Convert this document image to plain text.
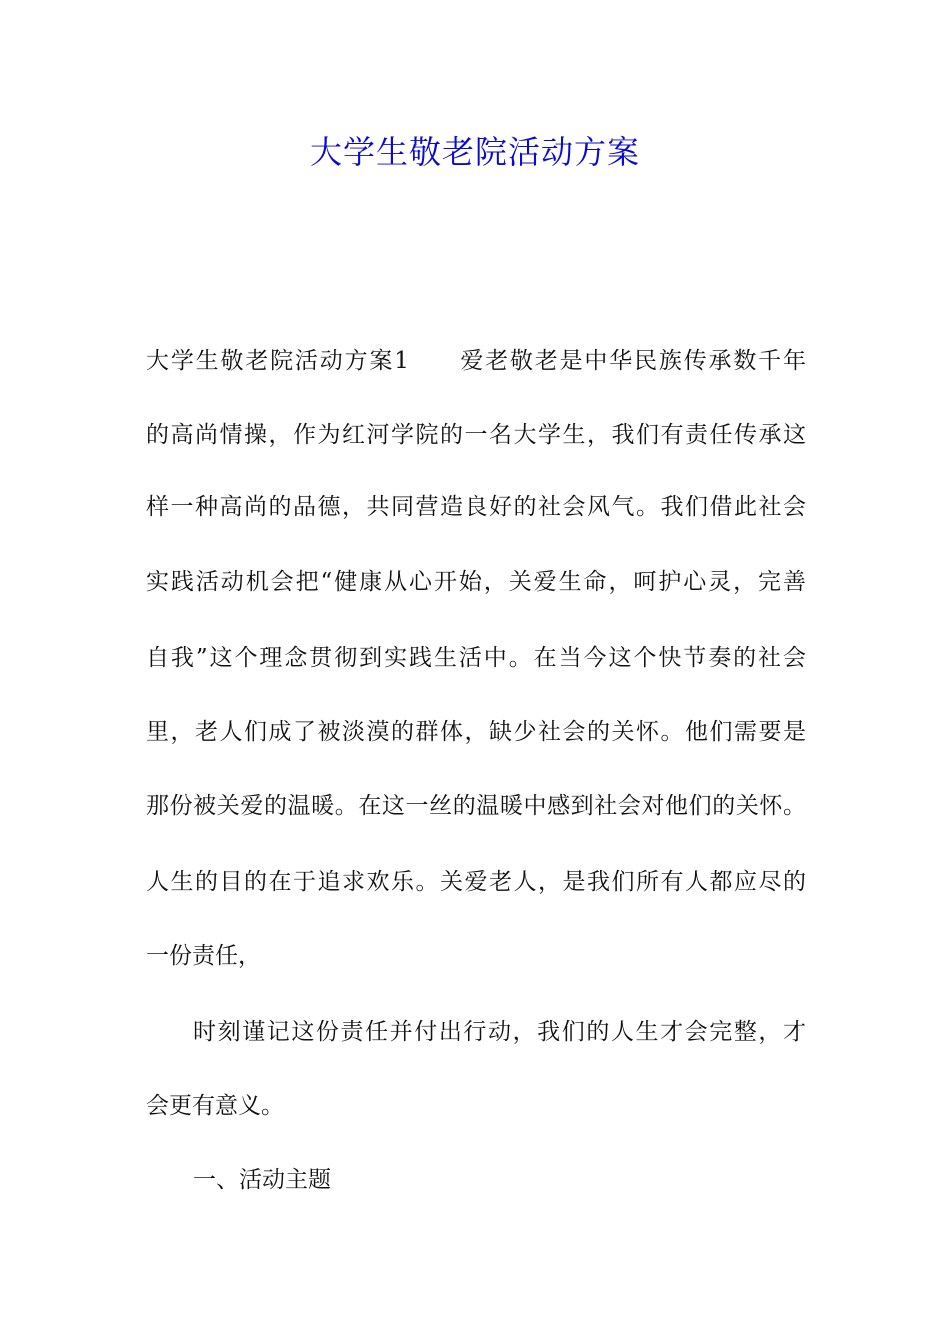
大学生敬老院活动方案
大学生敬老院活动方案1　　爱老敬老是中华民族传承数千年
的高尚情操，作为红河学院的一名大学生，我们有责任传承这
样一种高尚的品德，共同营造良好的社会风气。我们借此社会
实践活动机会把“健康从心开始，关爱生命，呵护心灵，完善
自我”这个理念贯彻到实践生活中。在当今这个快节奏的社会
里，老人们成了被淡漠的群体，缺少社会的关怀。他们需要是
那份被关爱的温暖。在这一丝的温暖中感到社会对他们的关怀。
人生的目的在于追求欢乐。关爱老人，是我们所有人都应尽的
一份责任，
时刻谨记这份责任并付出行动，我们的人生才会完整，才
会更有意义。
一、活动主题
